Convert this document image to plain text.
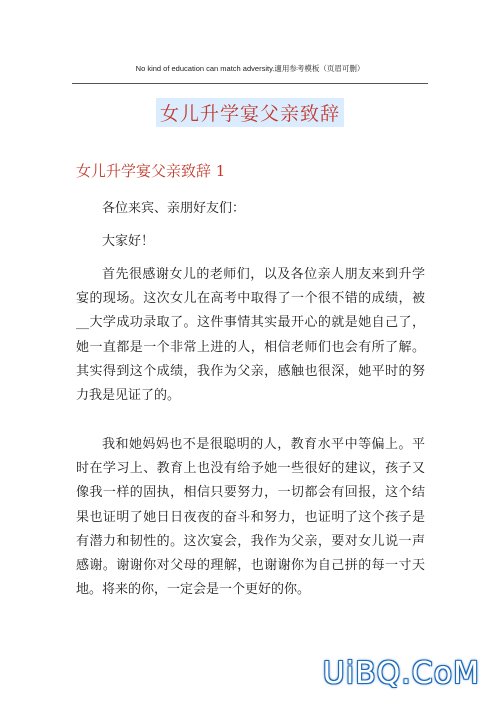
No kind of education can match adversity.適用参考模板（页眉可删）
女儿升学宴父亲致辞
女儿升学宴父亲致辞 1

各位来宾、亲朋好友们：

大家好！

首先很感谢女儿的老师们，以及各位亲人朋友来到升学宴的现场。这次女儿在高考中取得了一个很不错的成绩，被__大学成功录取了。这件事情其实最开心的就是她自己了，她一直都是一个非常上进的人，相信老师们也会有所了解。其实得到这个成绩，我作为父亲，感触也很深，她平时的努力我是见证了的。

我和她妈妈也不是很聪明的人，教育水平中等偏上。平时在学习上、教育上也没有给予她一些很好的建议，孩子又像我一样的固执，相信只要努力，一切都会有回报，这个结果也证明了她日日夜夜的奋斗和努力，也证明了这个孩子是有潜力和韧性的。这次宴会，我作为父亲，要对女儿说一声感谢。谢谢你对父母的理解，也谢谢你为自己拼的每一寸天地。将来的你，一定会是一个更好的你。

UiBQ.CoM
